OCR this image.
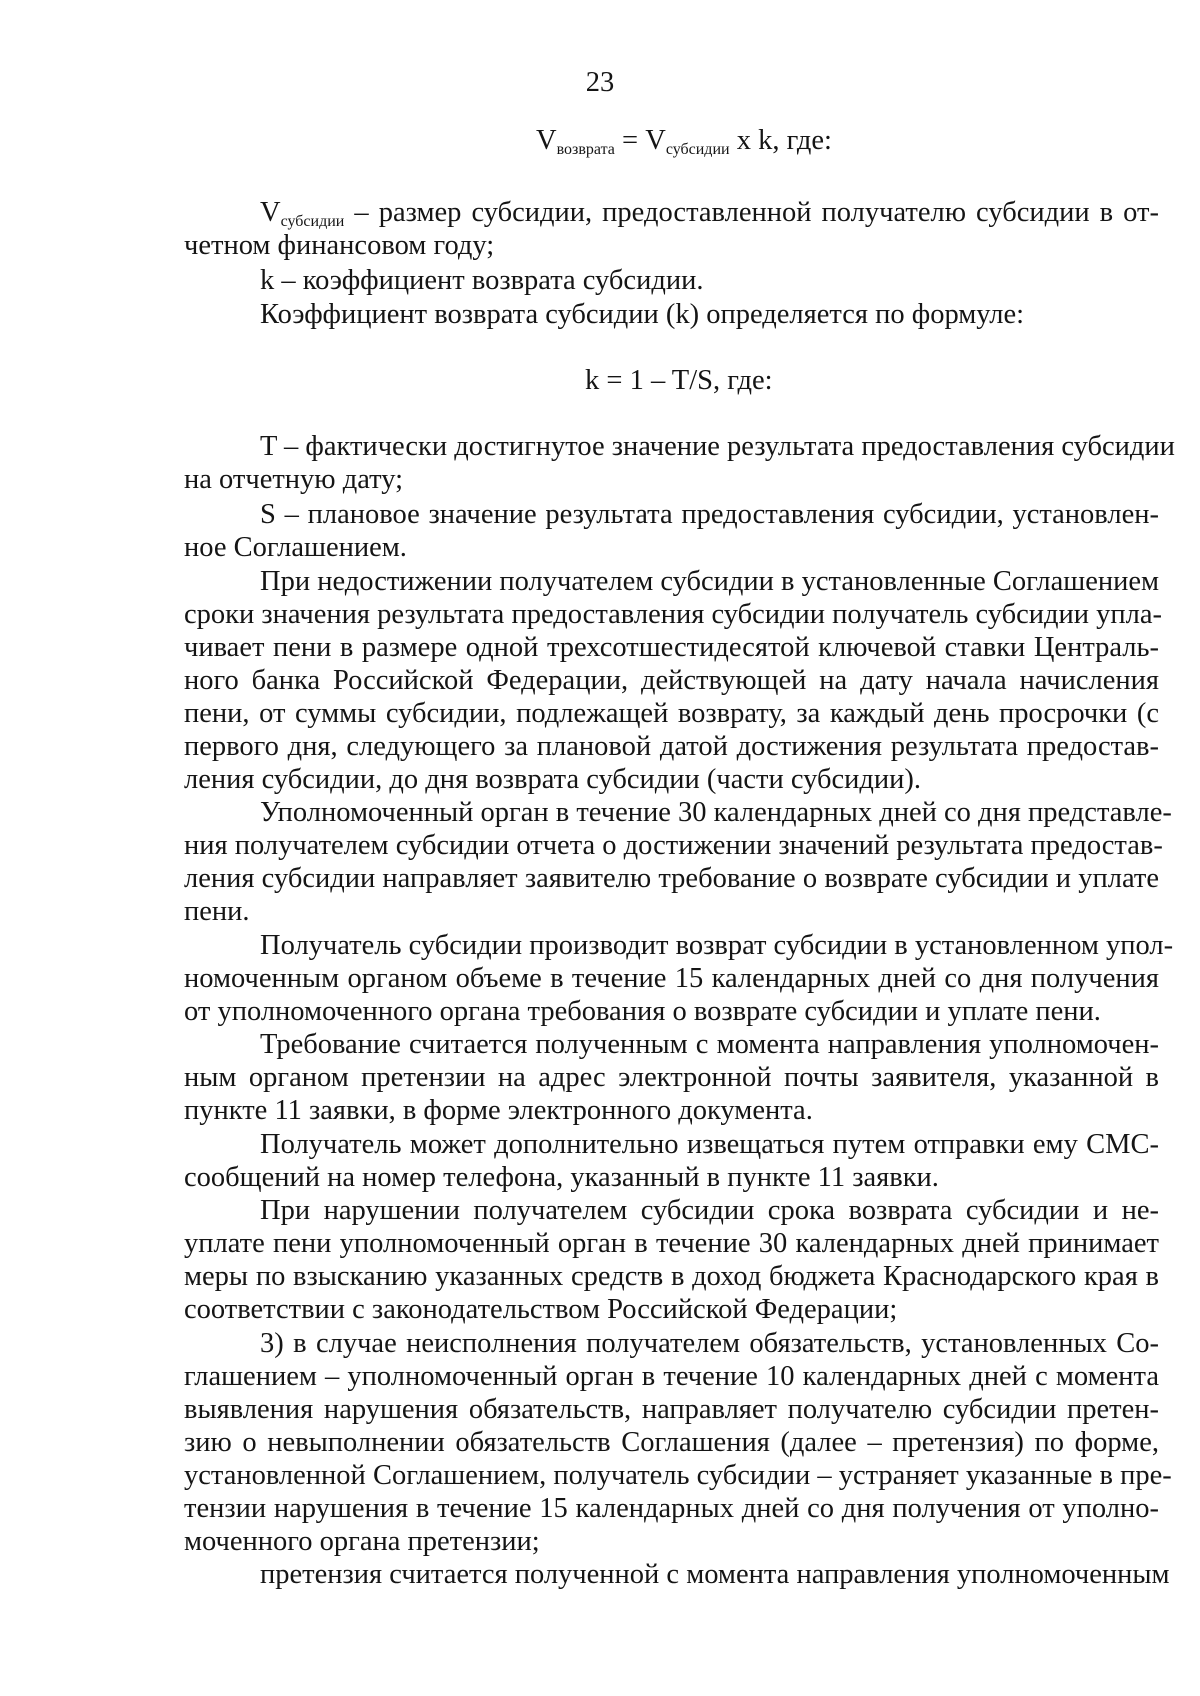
23
$V_{возврата} = V_{субсидии}$ x k, где:
$V_{субсидии}$ – размер субсидии, предоставленной получателю субсидии в от-
четном финансовом году;
k – коэффициент возврата субсидии.
Коэффициент возврата субсидии (k) определяется по формуле:
k = 1 – T/S, где:
T – фактически достигнутое значение результата предоставления субсидии
на отчетную дату;
S – плановое значение результата предоставления субсидии, установлен-
ное Соглашением.
При недостижении получателем субсидии в установленные Соглашением
сроки значения результата предоставления субсидии получатель субсидии упла-
чивает пени в размере одной трехсотшестидесятой ключевой ставки Централь-
ного банка Российской Федерации, действующей на дату начала начисления
пени, от суммы субсидии, подлежащей возврату, за каждый день просрочки (с
первого дня, следующего за плановой датой достижения результата предостав-
ления субсидии, до дня возврата субсидии (части субсидии).
Уполномоченный орган в течение 30 календарных дней со дня представле-
ния получателем субсидии отчета о достижении значений результата предостав-
ления субсидии направляет заявителю требование о возврате субсидии и уплате
пени.
Получатель субсидии производит возврат субсидии в установленном упол-
номоченным органом объеме в течение 15 календарных дней со дня получения
от уполномоченного органа требования о возврате субсидии и уплате пени.
Требование считается полученным с момента направления уполномочен-
ным органом претензии на адрес электронной почты заявителя, указанной в
пункте 11 заявки, в форме электронного документа.
Получатель может дополнительно извещаться путем отправки ему СМС-
сообщений на номер телефона, указанный в пункте 11 заявки.
При нарушении получателем субсидии срока возврата субсидии и не-
уплате пени уполномоченный орган в течение 30 календарных дней принимает
меры по взысканию указанных средств в доход бюджета Краснодарского края в
соответствии с законодательством Российской Федерации;
3) в случае неисполнения получателем обязательств, установленных Со-
глашением – уполномоченный орган в течение 10 календарных дней с момента
выявления нарушения обязательств, направляет получателю субсидии претен-
зию о невыполнении обязательств Соглашения (далее – претензия) по форме,
установленной Соглашением, получатель субсидии – устраняет указанные в пре-
тензии нарушения в течение 15 календарных дней со дня получения от уполно-
моченного органа претензии;
претензия считается полученной с момента направления уполномоченным
